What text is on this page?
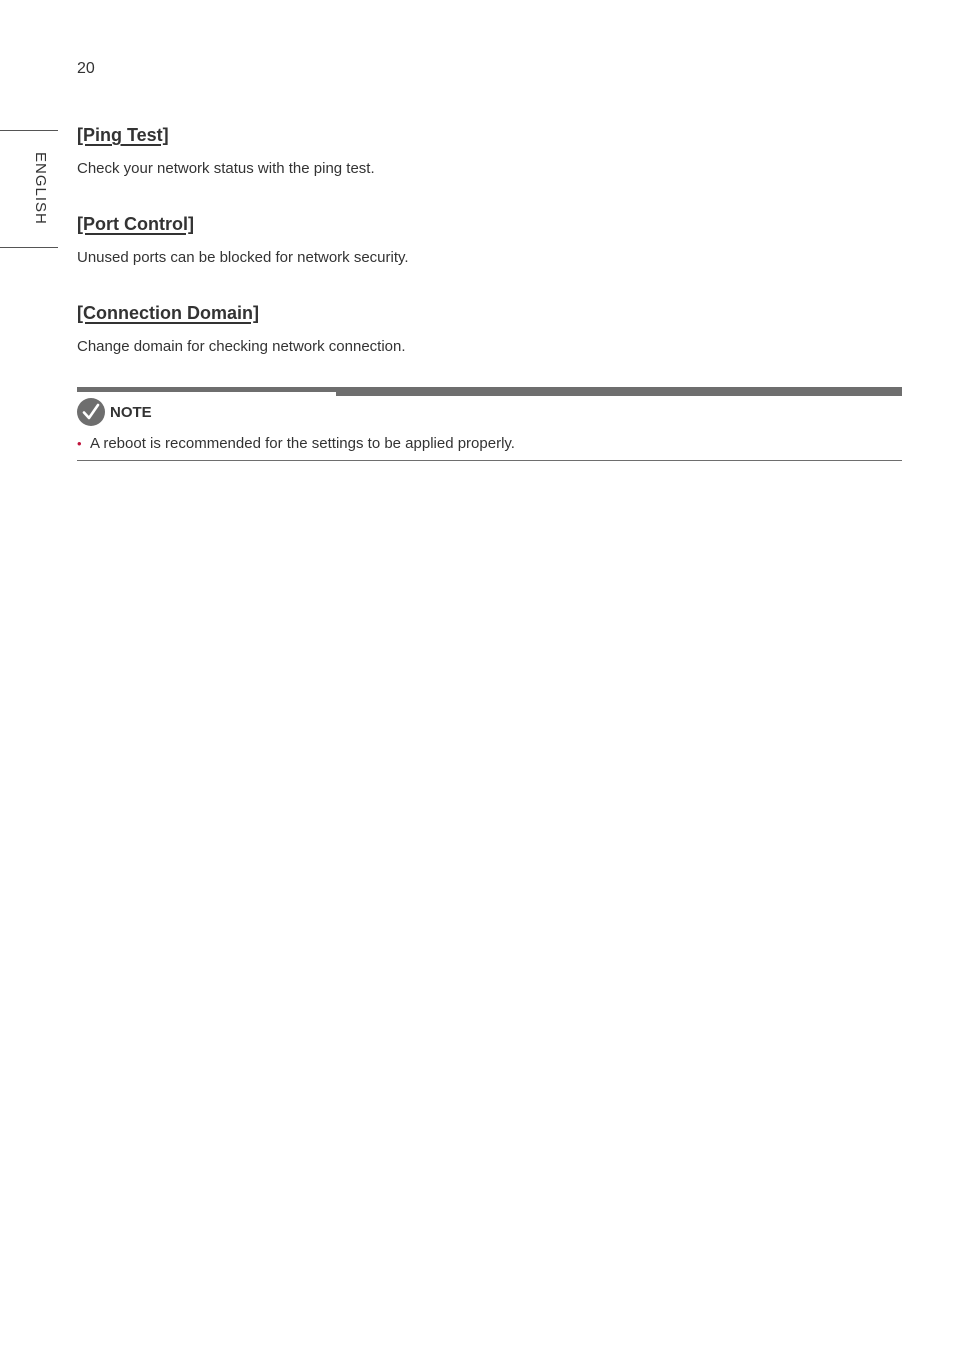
20
ENGLISH
[Ping Test]

Check your network status with the ping test.

[Port Control]

Unused ports can be blocked for network security.

[Connection Domain]

Change domain for checking network connection.

NOTE
• A reboot is recommended for the settings to be applied properly.
